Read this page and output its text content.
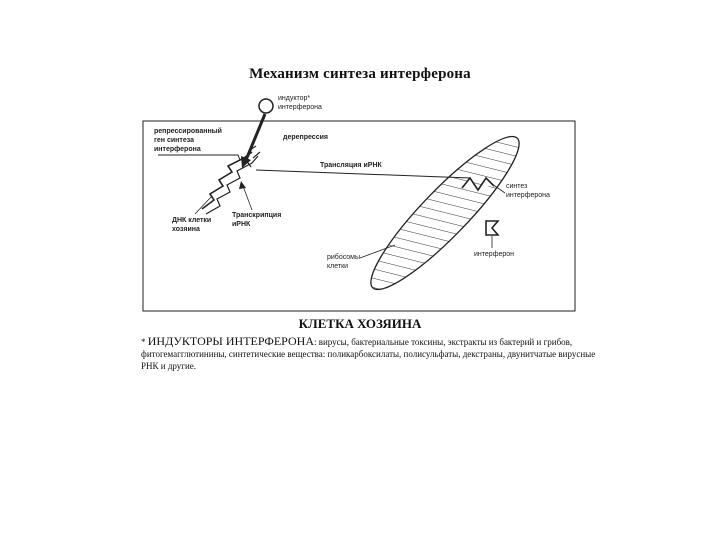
Механизм синтеза интерферона
индуктор*
интерферона
репрессированный
ген синтеза
интерферона
дерепрессия
Трансляция иРНК
синтез
интерферона
ДНК клетки
хозяина
Транскрипция
иРНК
рибосомы
клетки
интерферон
КЛЕТКА ХОЗЯИНА
* ИНДУКТОРЫ ИНТЕРФЕРОНА: вирусы, бактериальные токсины, экстракты из бактерий и грибов, фитогемагглютинины, синтетические вещества: поликарбоксилаты, полисульфаты, декстраны, двунитчатые вирусные РНК и другие.
